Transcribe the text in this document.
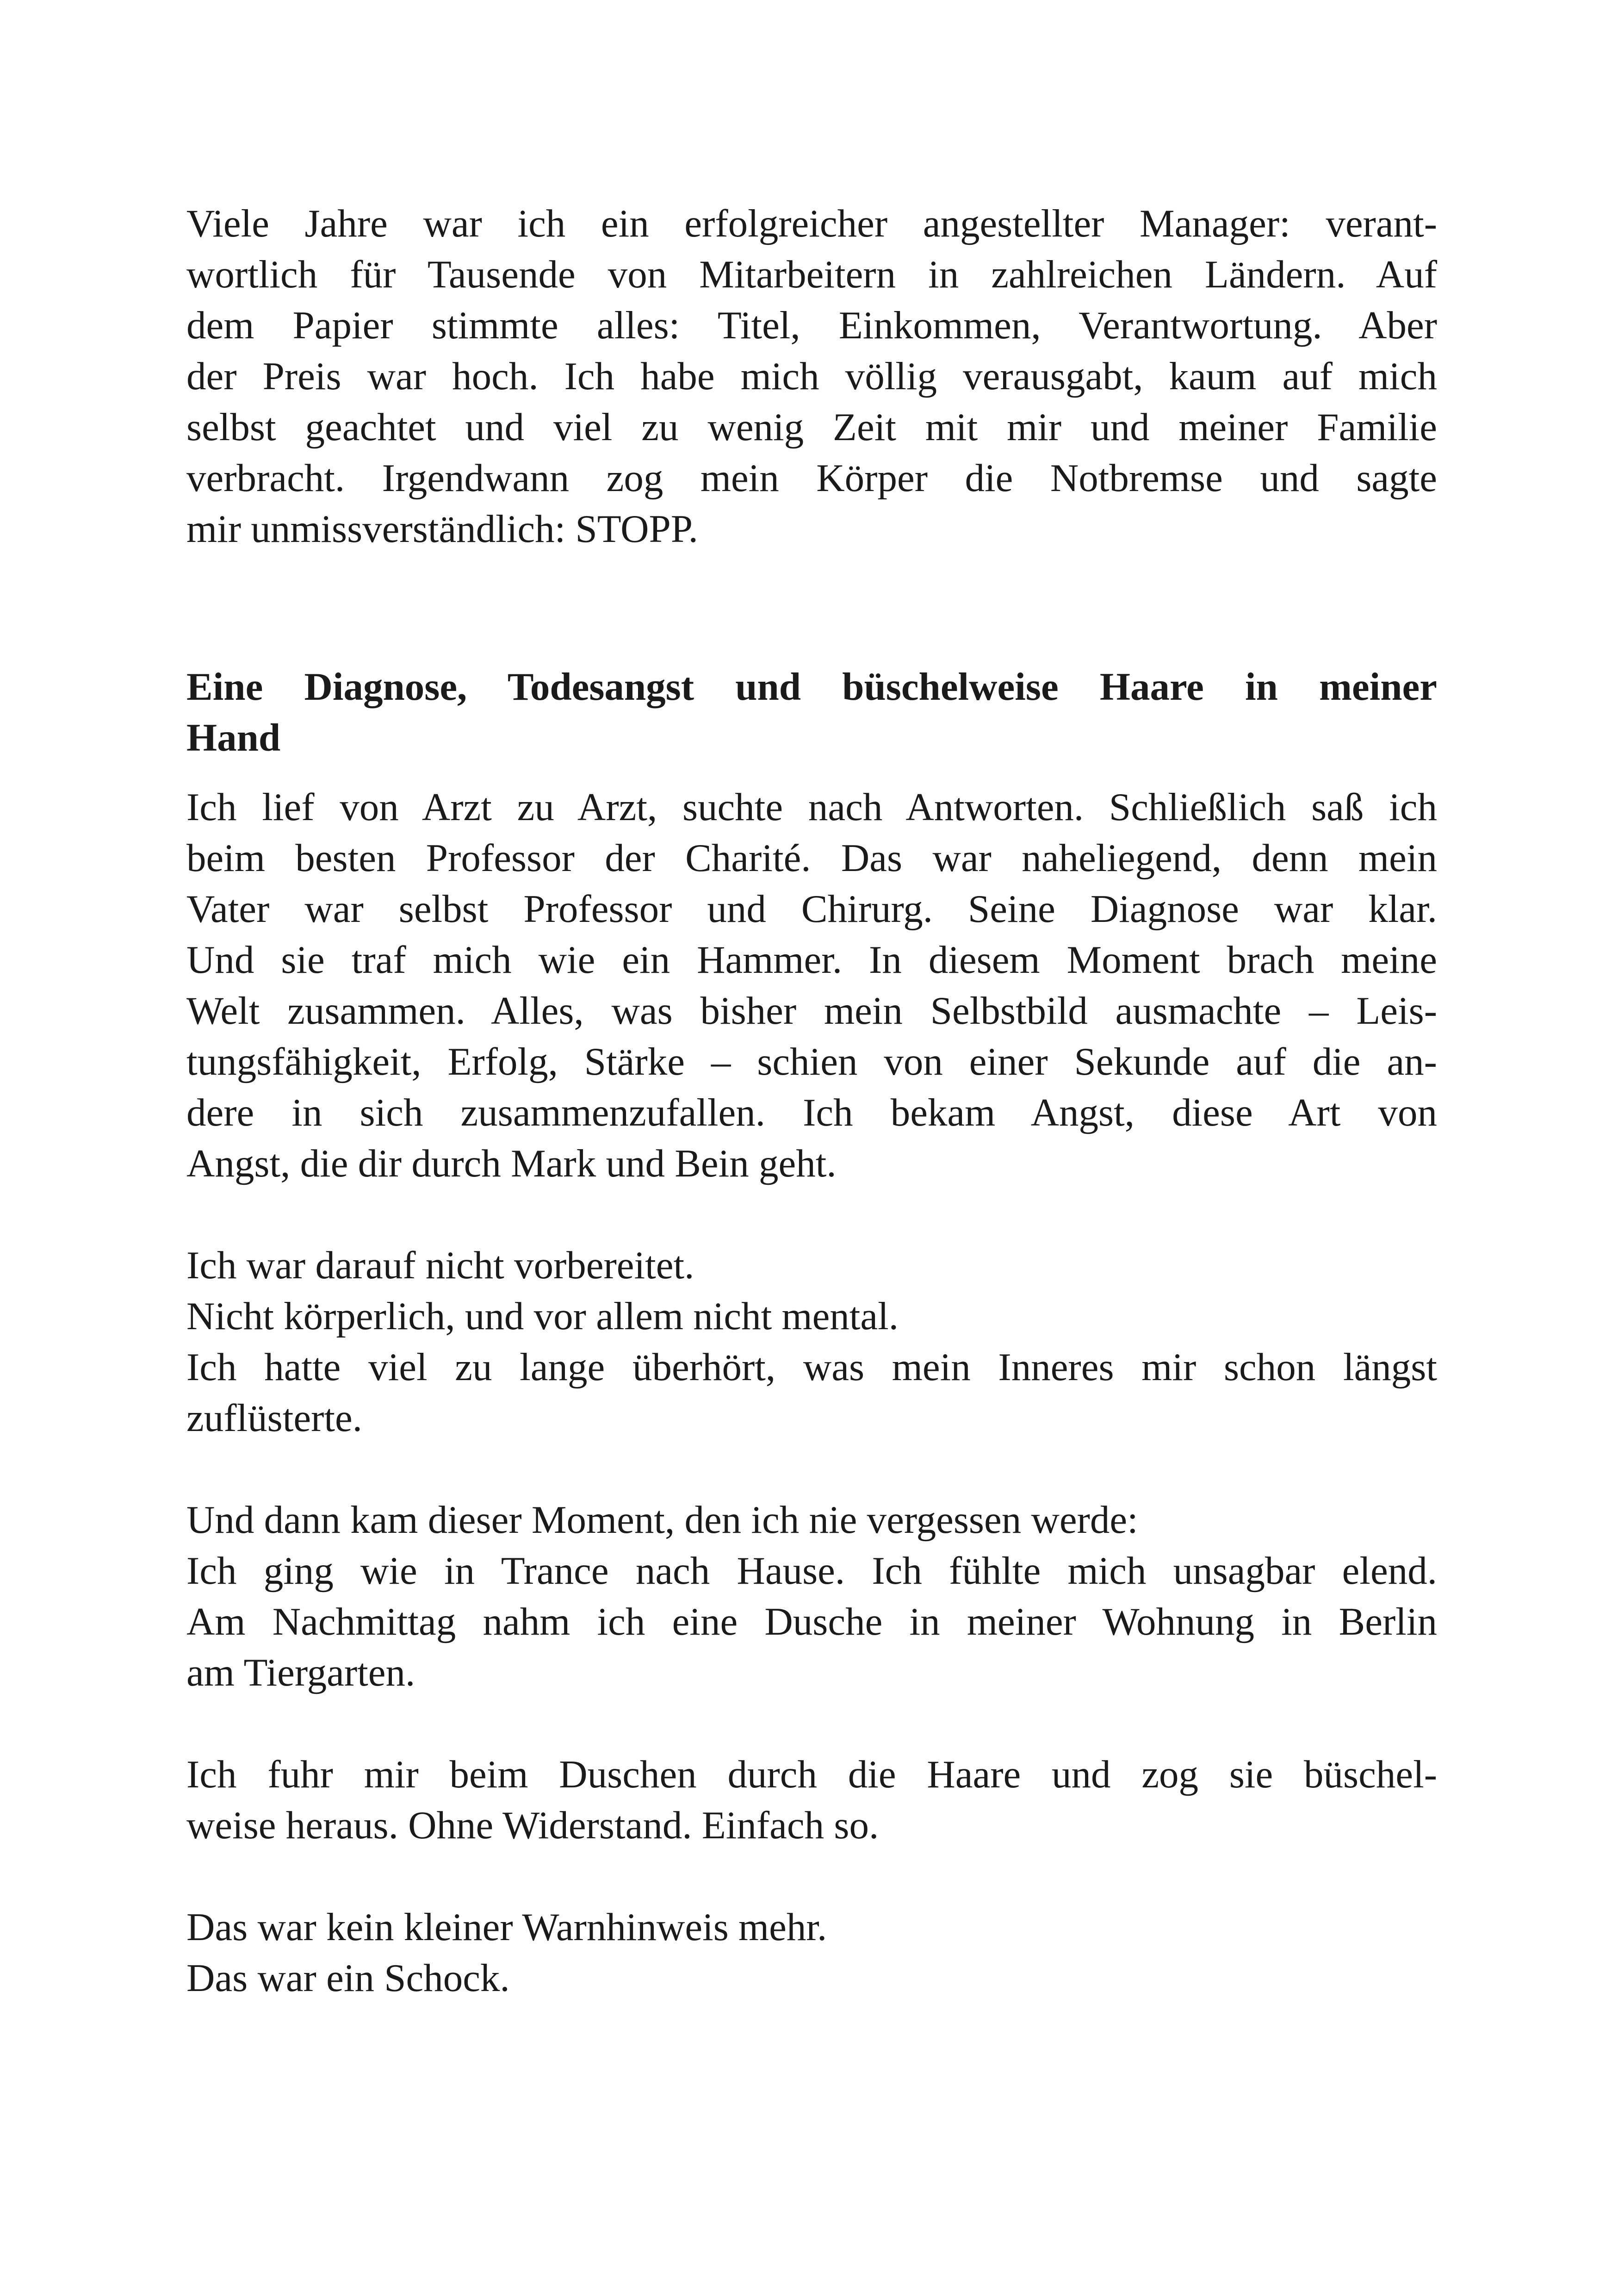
Viele Jahre war ich ein erfolgreicher angestellter Manager: verant-
wortlich für Tausende von Mitarbeitern in zahlreichen Ländern. Auf
dem Papier stimmte alles: Titel, Einkommen, Verantwortung. Aber
der Preis war hoch. Ich habe mich völlig verausgabt, kaum auf mich
selbst geachtet und viel zu wenig Zeit mit mir und meiner Familie
verbracht. Irgendwann zog mein Körper die Notbremse und sagte
mir unmissverständlich: STOPP.

Eine Diagnose, Todesangst und büschelweise Haare in meiner
Hand

Ich lief von Arzt zu Arzt, suchte nach Antworten. Schließlich saß ich
beim besten Professor der Charité. Das war naheliegend, denn mein
Vater war selbst Professor und Chirurg. Seine Diagnose war klar.
Und sie traf mich wie ein Hammer. In diesem Moment brach meine
Welt zusammen. Alles, was bisher mein Selbstbild ausmachte – Leis-
tungsfähigkeit, Erfolg, Stärke – schien von einer Sekunde auf die an-
dere in sich zusammenzufallen. Ich bekam Angst, diese Art von
Angst, die dir durch Mark und Bein geht.

Ich war darauf nicht vorbereitet.
Nicht körperlich, und vor allem nicht mental.
Ich hatte viel zu lange überhört, was mein Inneres mir schon längst
zuflüsterte.

Und dann kam dieser Moment, den ich nie vergessen werde:
Ich ging wie in Trance nach Hause. Ich fühlte mich unsagbar elend.
Am Nachmittag nahm ich eine Dusche in meiner Wohnung in Berlin
am Tiergarten.

Ich fuhr mir beim Duschen durch die Haare und zog sie büschel-
weise heraus. Ohne Widerstand. Einfach so.

Das war kein kleiner Warnhinweis mehr.
Das war ein Schock.
